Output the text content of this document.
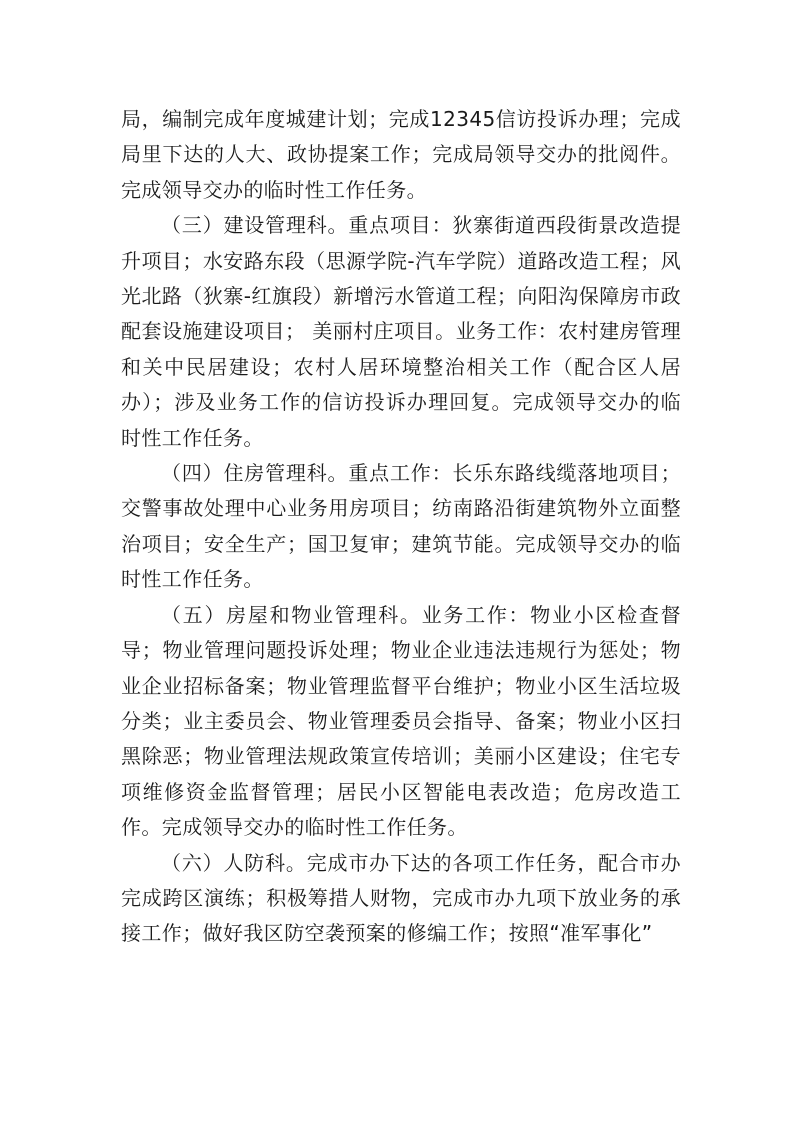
局，编制完成年度城建计划；完成12345信访投诉办理；完成局里下达的人大、政协提案工作；完成局领导交办的批阅件。完成领导交办的临时性工作任务。

（三）建设管理科。重点项目：狄寨街道西段街景改造提升项目；水安路东段（思源学院-汽车学院）道路改造工程；风光北路（狄寨-红旗段）新增污水管道工程；向阳沟保障房市政配套设施建设项目； 美丽村庄项目。业务工作：农村建房管理和关中民居建设；农村人居环境整治相关工作（配合区人居办）；涉及业务工作的信访投诉办理回复。完成领导交办的临时性工作任务。

（四）住房管理科。重点工作：长乐东路线缆落地项目；交警事故处理中心业务用房项目；纺南路沿街建筑物外立面整治项目；安全生产；国卫复审；建筑节能。完成领导交办的临时性工作任务。

（五）房屋和物业管理科。业务工作：物业小区检查督导；物业管理问题投诉处理；物业企业违法违规行为惩处；物业企业招标备案；物业管理监督平台维护；物业小区生活垃圾分类；业主委员会、物业管理委员会指导、备案；物业小区扫黑除恶；物业管理法规政策宣传培训；美丽小区建设；住宅专项维修资金监督管理；居民小区智能电表改造；危房改造工作。完成领导交办的临时性工作任务。

（六）人防科。完成市办下达的各项工作任务，配合市办完成跨区演练；积极筹措人财物，完成市办九项下放业务的承接工作；做好我区防空袭预案的修编工作；按照“准军事化”
